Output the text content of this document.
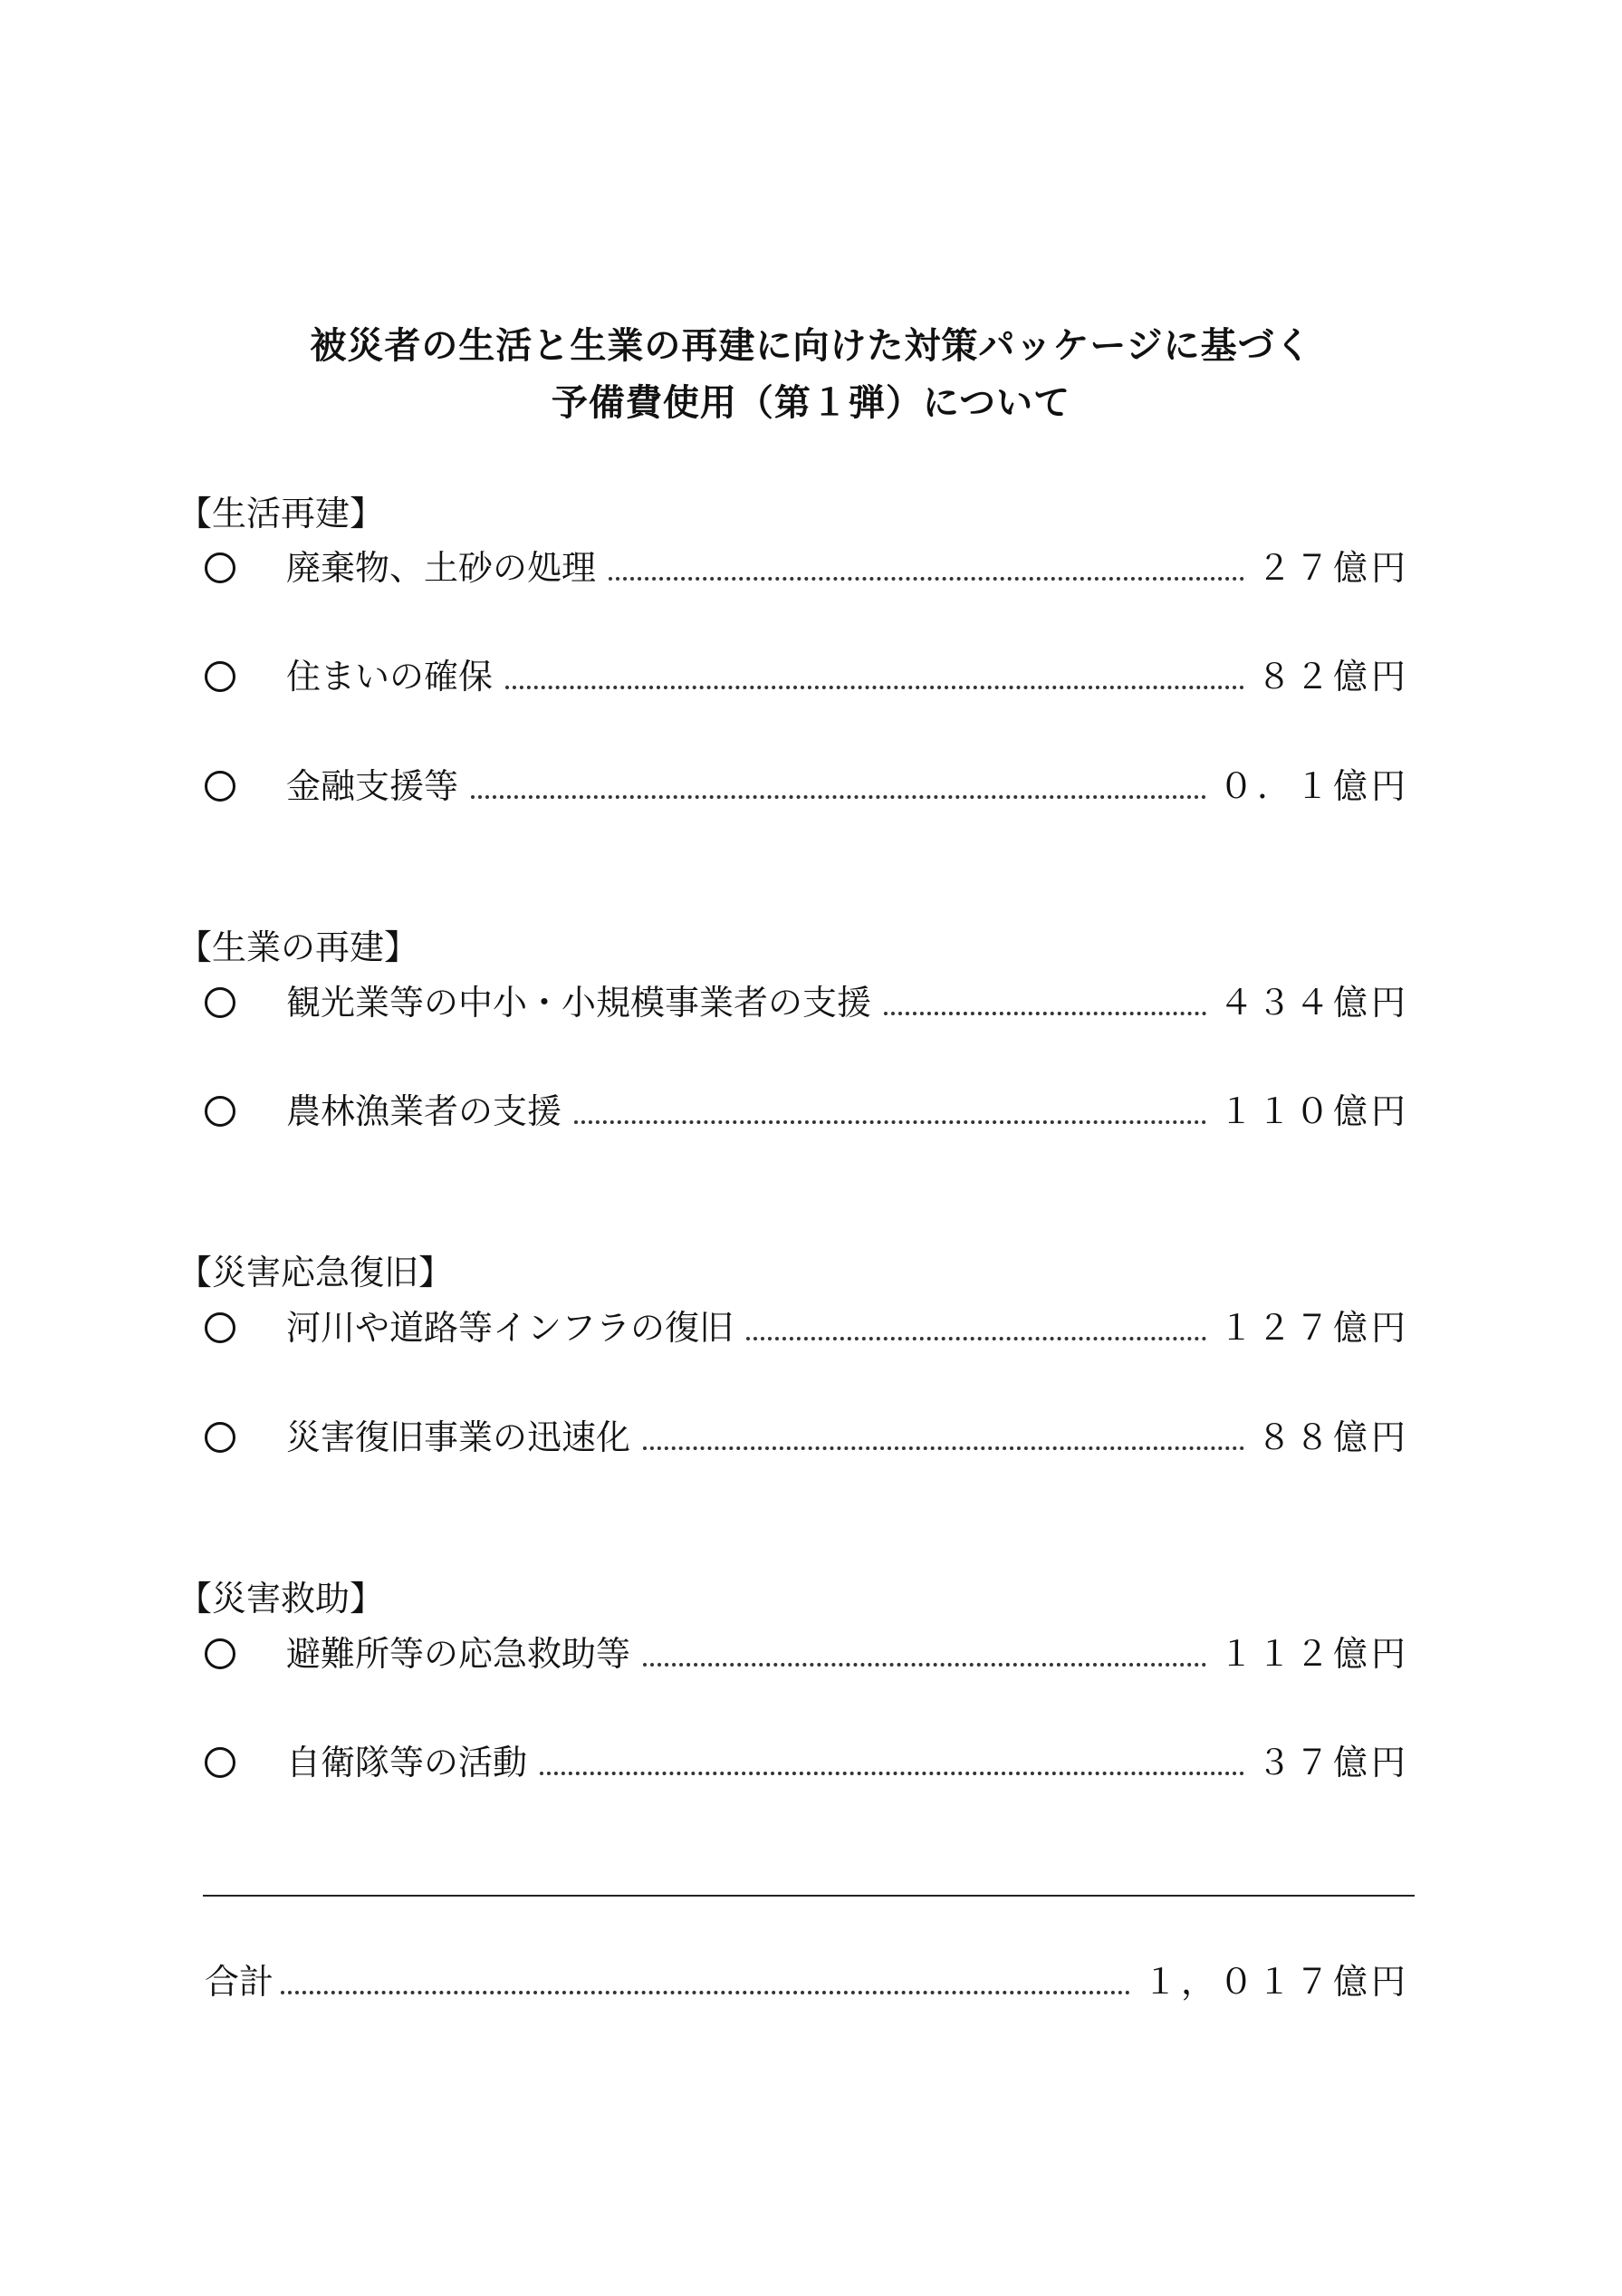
被災者の生活と生業の再建に向けた対策パッケージに基づく
予備費使用（第１弾）について
【生活再建】
廃棄物、土砂の処理	２７億円
住まいの確保	８２億円
金融支援等	０．１億円
【生業の再建】
観光業等の中小・小規模事業者の支援	４３４億円
農林漁業者の支援	１１０億円
【災害応急復旧】
河川や道路等インフラの復旧	１２７億円
災害復旧事業の迅速化	８８億円
【災害救助】
避難所等の応急救助等	１１２億円
自衛隊等の活動	３７億円
合計	１，０１７億円
